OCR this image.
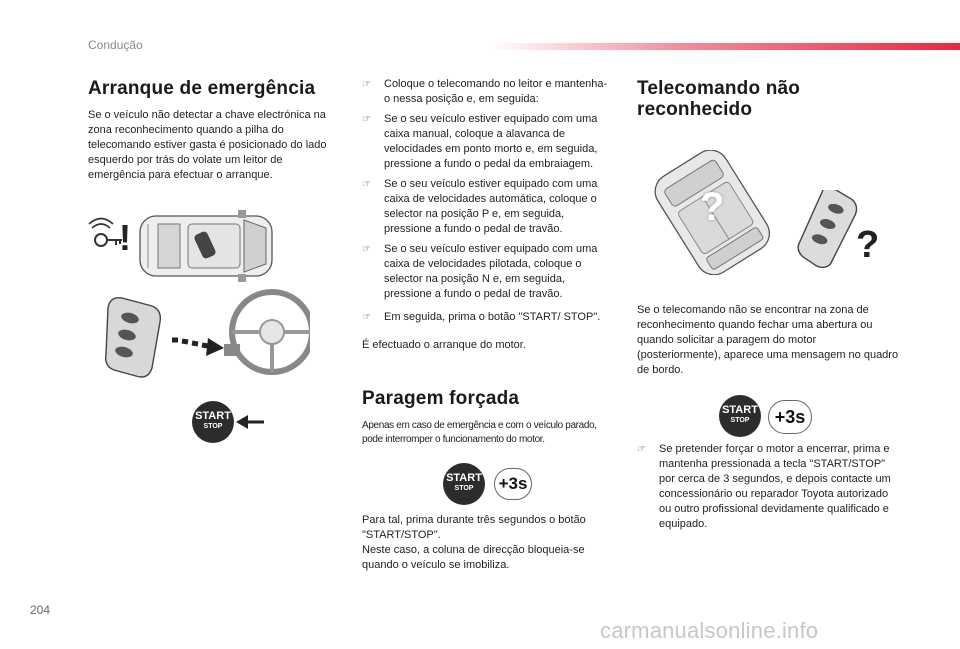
Condução
Arranque de emergência

Se o veículo não detectar a chave electrónica na zona reconhecimento quando a pilha do telecomando estiver gasta é posicionado do lado esquerdo por trás do volate um leitor de emergência para efectuar o arranque.

!
START
STOP
☞ Coloque o telecomando no leitor e mantenha-o nessa posição e, em seguida:
☞ Se o seu veículo estiver equipado com uma caixa manual, coloque a alavanca de velocidades em ponto morto e, em seguida, pressione a fundo o pedal da embraiagem.
☞ Se o seu veículo estiver equipado com uma caixa de velocidades automática, coloque o selector na posição P e, em seguida, pressione a fundo o pedal de travão.
☞ Se o seu veículo estiver equipado com uma caixa de velocidades pilotada, coloque o selector na posição N e, em seguida, pressione a fundo o pedal de travão.
☞ Em seguida, prima o botão "START/ STOP".

É efectuado o arranque do motor.

Paragem forçada

Apenas em caso de emergência e com o veículo parado, pode interromper o funcionamento do motor.

START
STOP	+3s

Para tal, prima durante três segundos o botão "START/STOP".

Neste caso, a coluna de direcção bloqueia-se quando o veículo se imobiliza.

Telecomando não reconhecido
?
?

Se o telecomando não se encontrar na zona de reconhecimento quando fechar uma abertura ou quando solicitar a paragem do motor (posteriormente), aparece uma mensagem no quadro de bordo.

START
STOP	+3s
☞ Se pretender forçar o motor a encerrar, prima e mantenha pressionada a tecla "START/STOP" por cerca de 3 segundos, e depois contacte um concessionário ou reparador Toyota autorizado ou outro profissional devidamente qualificado e equipado.
204
carmanualsonline.info
